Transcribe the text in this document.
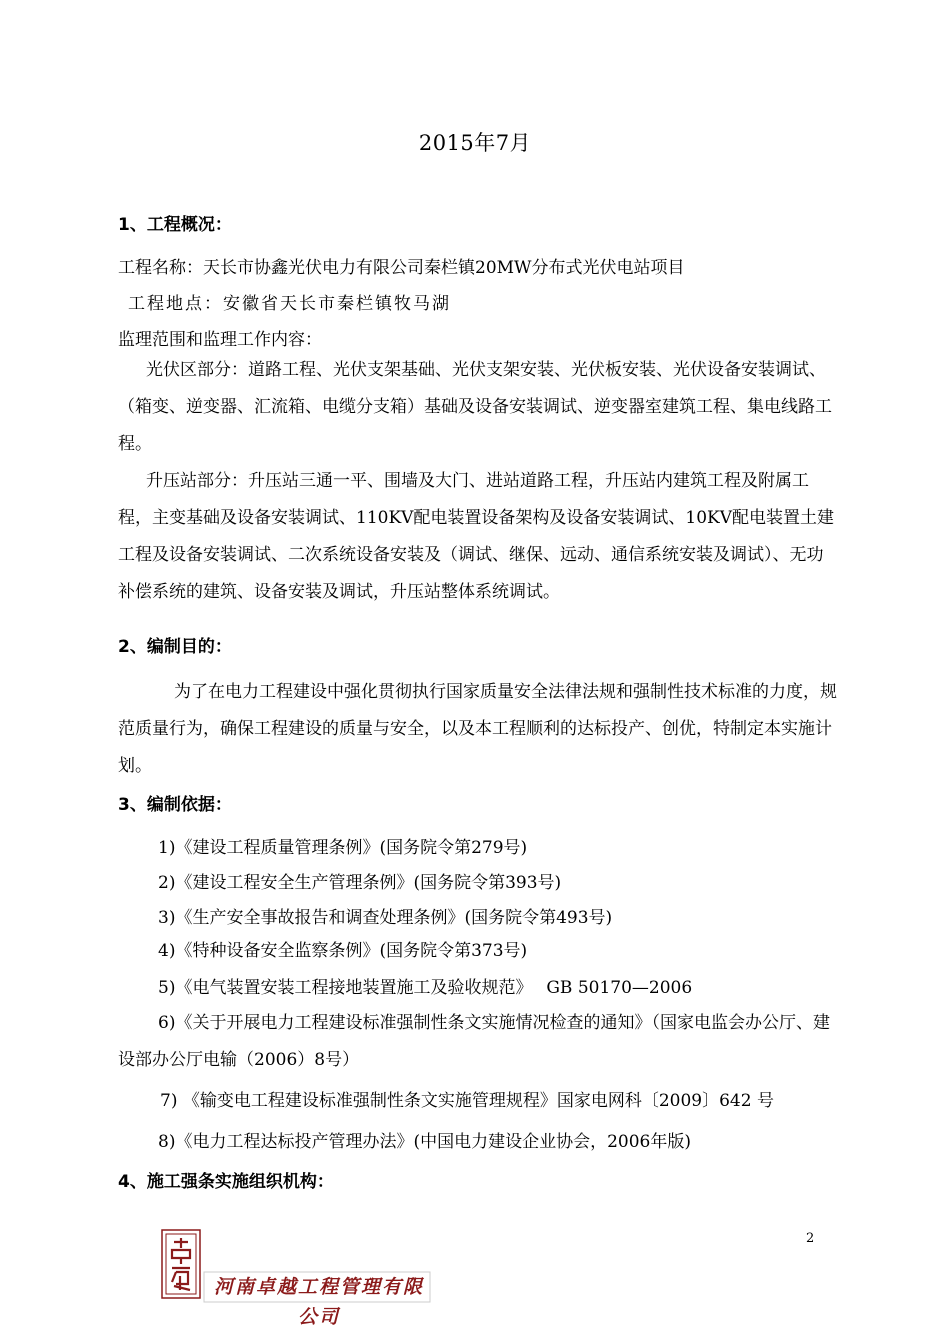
2015年7月
1、工程概况：
工程名称：天长市协鑫光伏电力有限公司秦栏镇20MW分布式光伏电站项目
工程地点：安徽省天长市秦栏镇牧马湖
监理范围和监理工作内容：
光伏区部分：道路工程、光伏支架基础、光伏支架安装、光伏板安装、光伏设备安装调试、（箱变、逆变器、汇流箱、电缆分支箱）基础及设备安装调试、逆变器室建筑工程、集电线路工程。
升压站部分：升压站三通一平、围墙及大门、进站道路工程，升压站内建筑工程及附属工程，主变基础及设备安装调试、110KV配电装置设备架构及设备安装调试、10KV配电装置土建工程及设备安装调试、二次系统设备安装及（调试、继保、远动、通信系统安装及调试）、无功补偿系统的建筑、设备安装及调试，升压站整体系统调试。
2、编制目的：
为了在电力工程建设中强化贯彻执行国家质量安全法律法规和强制性技术标准的力度，规范质量行为，确保工程建设的质量与安全，以及本工程顺利的达标投产、创优，特制定本实施计划。
3、编制依据：
1)《建设工程质量管理条例》(国务院令第279号)
2)《建设工程安全生产管理条例》(国务院令第393号)
3)《生产安全事故报告和调查处理条例》(国务院令第493号)
4)《特种设备安全监察条例》(国务院令第373号)
5)《电气装置安装工程接地装置施工及验收规范》　 GB 50170—2006
6)《关于开展电力工程建设标准强制性条文实施情况检查的通知》（国家电监会办公厅、建设部办公厅电输（2006）8号）
7) 《输变电工程建设标准强制性条文实施管理规程》国家电网科〔2009〕642 号
8)《电力工程达标投产管理办法》(中国电力建设企业协会，2006年版)
4、施工强条实施组织机构：
2
河南卓越工程管理有限公司
